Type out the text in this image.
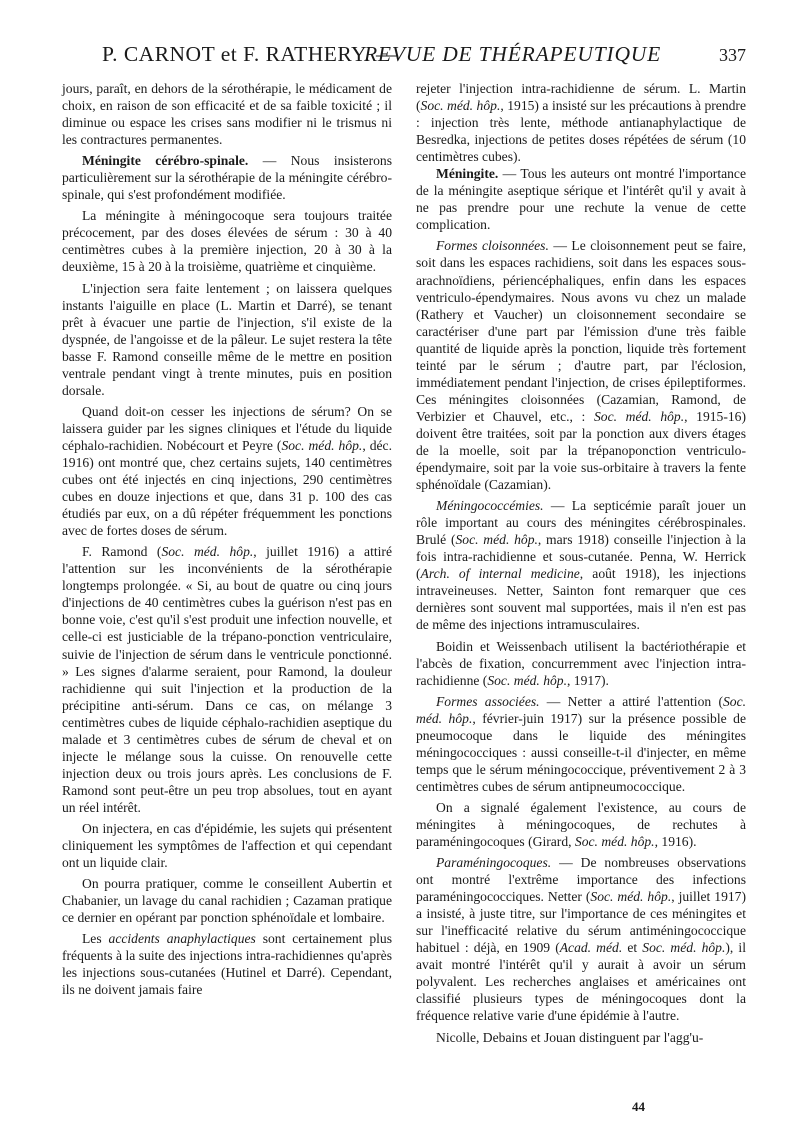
P. CARNOT et F. RATHERY. —
REVUE DE THÉRAPEUTIQUE	337

jours, paraît, en dehors de la sérothérapie, le médicament de choix, en raison de son efficacité et de sa faible toxicité ; il diminue ou espace les crises sans modifier ni le trismus ni les contractures permanentes.

Méningite cérébro-spinale. — Nous insisterons particulièrement sur la sérothérapie de la méningite cérébro-spinale, qui s'est profondément modifiée.

La méningite à méningocoque sera toujours traitée précocement, par des doses élevées de sérum : 30 à 40 centimètres cubes à la première injection, 20 à 30 à la deuxième, 15 à 20 à la troisième, quatrième et cinquième.

L'injection sera faite lentement ; on laissera quelques instants l'aiguille en place (L. Martin et Darré), se tenant prêt à évacuer une partie de l'injection, s'il existe de la dyspnée, de l'angoisse et de la pâleur. Le sujet restera la tête basse F. Ramond conseille même de le mettre en position ventrale pendant vingt à trente minutes, puis en position dorsale.

Quand doit-on cesser les injections de sérum? On se laissera guider par les signes cliniques et l'étude du liquide céphalo-rachidien. Nobécourt et Peyre (Soc. méd. hôp., déc. 1916) ont montré que, chez certains sujets, 140 centimètres cubes ont été injectés en cinq injections, 290 centimètres cubes en douze injections et que, dans 31 p. 100 des cas étudiés par eux, on a dû répéter fréquemment les ponctions avec de fortes doses de sérum.

F. Ramond (Soc. méd. hôp., juillet 1916) a attiré l'attention sur les inconvénients de la sérothérapie longtemps prolongée. « Si, au bout de quatre ou cinq jours d'injections de 40 centimètres cubes la guérison n'est pas en bonne voie, c'est qu'il s'est produit une infection nouvelle, et celle-ci est justiciable de la trépano-ponction ventriculaire, suivie de l'injection de sérum dans le ventricule ponctionné. » Les signes d'alarme seraient, pour Ramond, la douleur rachidienne qui suit l'injection et la production de la précipitine anti-sérum. Dans ce cas, on mélange 3 centimètres cubes de liquide céphalo-rachidien aseptique du malade et 3 centimètres cubes de sérum de cheval et on injecte le mélange sous la cuisse. On renouvelle cette injection deux ou trois jours après. Les conclusions de F. Ramond sont peut-être un peu trop absolues, tout en ayant un réel intérêt.

On injectera, en cas d'épidémie, les sujets qui présentent cliniquement les symptômes de l'affection et qui cependant ont un liquide clair.

On pourra pratiquer, comme le conseillent Aubertin et Chabanier, un lavage du canal rachidien ; Cazaman pratique ce dernier en opérant par ponction sphénoïdale et lombaire.

Les accidents anaphylactiques sont certainement plus fréquents à la suite des injections intra-rachidiennes qu'après les injections sous-cutanées (Hutinel et Darré). Cependant, ils ne doivent jamais faire

rejeter l'injection intra-rachidienne de sérum. L. Martin (Soc. méd. hôp., 1915) a insisté sur les précautions à prendre : injection très lente, méthode antianaphylactique de Besredka, injections de petites doses répétées de sérum (10 centimètres cubes).

Méningite. — Tous les auteurs ont montré l'importance de la méningite aseptique sérique et l'intérêt qu'il y avait à ne pas prendre pour une rechute la venue de cette complication.

Formes cloisonnées. — Le cloisonnement peut se faire, soit dans les espaces rachidiens, soit dans les espaces sous-arachnoïdiens, périencéphaliques, enfin dans les espaces ventriculo-épendymaires. Nous avons vu chez un malade (Rathery et Vaucher) un cloisonnement secondaire se caractériser d'une part par l'émission d'une très faible quantité de liquide après la ponction, liquide très fortement teinté par le sérum ; d'autre part, par l'éclosion, immédiatement pendant l'injection, de crises épileptiformes. Ces méningites cloisonnées (Cazamian, Ramond, de Verbizier et Chauvel, etc., : Soc. méd. hôp., 1915-16) doivent être traitées, soit par la ponction aux divers étages de la moelle, soit par la trépanoponction ventriculo-épendymaire, soit par la voie sus-orbitaire à travers la fente sphénoïdale (Cazamian).

Méningococcémies. — La septicémie paraît jouer un rôle important au cours des méningites cérébrospinales. Brulé (Soc. méd. hôp., mars 1918) conseille l'injection à la fois intra-rachidienne et sous-cutanée. Penna, W. Herrick (Arch. of internal medicine, août 1918), les injections intraveineuses. Netter, Sainton font remarquer que ces dernières sont souvent mal supportées, mais il n'en est pas de même des injections intramusculaires.

Boidin et Weissenbach utilisent la bactériothérapie et l'abcès de fixation, concurremment avec l'injection intra-rachidienne (Soc. méd. hôp., 1917).

Formes associées. — Netter a attiré l'attention (Soc. méd. hôp., février-juin 1917) sur la présence possible de pneumocoque dans le liquide des méningites méningococciques : aussi conseille-t-il d'injecter, en même temps que le sérum méningococcique, préventivement 2 à 3 centimètres cubes de sérum antipneumococcique.

On a signalé également l'existence, au cours de méningites à méningocoques, de rechutes à paraméningocoques (Girard, Soc. méd. hôp., 1916).

Paraméningocoques. — De nombreuses observations ont montré l'extrême importance des infections paraméningococciques. Netter (Soc. méd. hôp., juillet 1917) a insisté, à juste titre, sur l'importance de ces méningites et sur l'inefficacité relative du sérum antiméningococcique habituel : déjà, en 1909 (Acad. méd. et Soc. méd. hôp.), il avait montré l'intérêt qu'il y aurait à avoir un sérum polyvalent. Les recherches anglaises et américaines ont classifié plusieurs types de méningocoques dont la fréquence relative varie d'une épidémie à l'autre.

Nicolle, Debains et Jouan distinguent par l'agg'u-

44
